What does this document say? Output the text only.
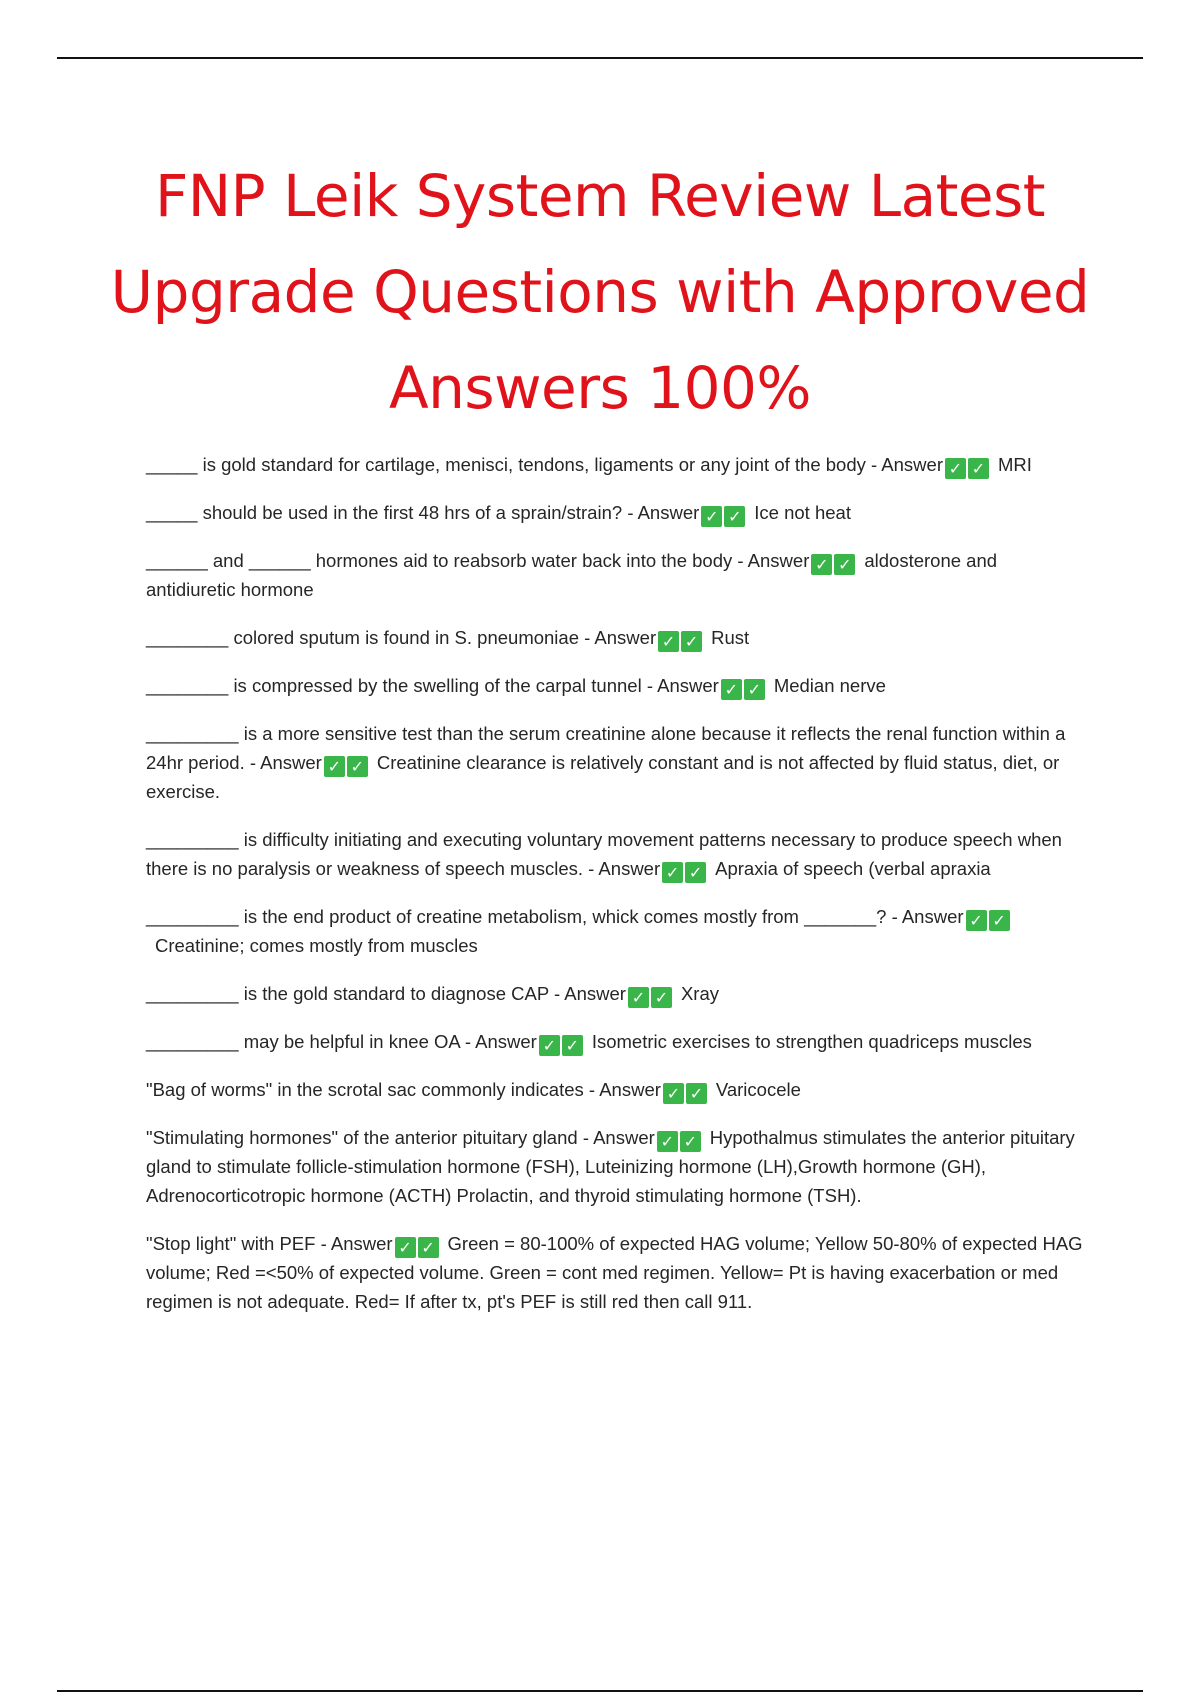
FNP Leik System Review Latest Upgrade Questions with Approved Answers 100%

_____ is gold standard for cartilage, menisci, tendons, ligaments or any joint of the body - Answer ✓ ✓ MRI

_____ should be used in the first 48 hrs of a sprain/strain? - Answer ✓ ✓ Ice not heat

______ and ______ hormones aid to reabsorb water back into the body - Answer ✓ ✓ aldosterone and antidiuretic hormone

________ colored sputum is found in S. pneumoniae - Answer ✓ ✓ Rust

________ is compressed by the swelling of the carpal tunnel - Answer ✓ ✓ Median nerve

_________ is a more sensitive test than the serum creatinine alone because it reflects the renal function within a 24hr period. - Answer ✓ ✓ Creatinine clearance is relatively constant and is not affected by fluid status, diet, or exercise.

_________ is difficulty initiating and executing voluntary movement patterns necessary to produce speech when there is no paralysis or weakness of speech muscles. - Answer ✓ ✓ Apraxia of speech (verbal apraxia

_________ is the end product of creatine metabolism, whick comes mostly from _______? - Answer ✓ ✓Creatinine; comes mostly from muscles

_________ is the gold standard to diagnose CAP - Answer ✓ ✓ Xray

_________ may be helpful in knee OA - Answer ✓ ✓ Isometric exercises to strengthen quadriceps muscles

"Bag of worms" in the scrotal sac commonly indicates - Answer ✓ ✓ Varicocele

"Stimulating hormones" of the anterior pituitary gland - Answer ✓ ✓ Hypothalmus stimulates the anterior pituitary gland to stimulate follicle-stimulation hormone (FSH), Luteinizing hormone (LH),Growth hormone (GH), Adrenocorticotropic hormone (ACTH) Prolactin, and thyroid stimulating hormone (TSH).

"Stop light" with PEF - Answer ✓ ✓ Green = 80-100% of expected HAG volume; Yellow 50-80% of expected HAG volume; Red =<50% of expected volume. Green = cont med regimen. Yellow= Pt is having exacerbation or med regimen is not adequate. Red= If after tx, pt's PEF is still red then call 911.
